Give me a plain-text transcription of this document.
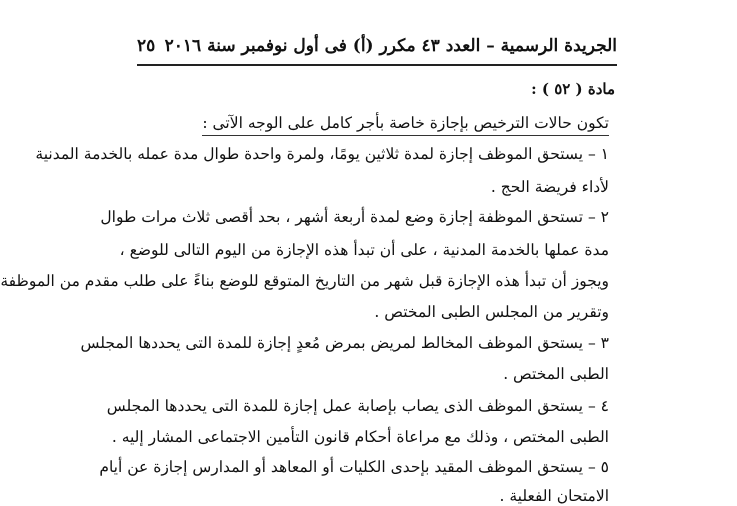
الجريدة الرسمية – العدد ٤٣ مكرر (أ) فى أول نوفمبر سنة ٢٠١٦
٢٥
مادة ( ٥٢ ) :
تكون حالات الترخيص بإجازة خاصة بأجر كامل على الوجه الآتى :
١ – يستحق الموظف إجازة لمدة ثلاثين يومًا، ولمرة واحدة طوال مدة عمله بالخدمة المدنية
لأداء فريضة الحج .
٢ – تستحق الموظفة إجازة وضع لمدة أربعة أشهر ، بحد أقصى ثلاث مرات طوال
مدة عملها بالخدمة المدنية ، على أن تبدأ هذه الإجازة من اليوم التالى للوضع ،
ويجوز أن تبدأ هذه الإجازة قبل شهر من التاريخ المتوقع للوضع بناءً على طلب مقدم من الموظفة
وتقرير من المجلس الطبى المختص .
٣ – يستحق الموظف المخالط لمريض بمرض مُعدٍ إجازة للمدة التى يحددها المجلس
الطبى المختص .
٤ – يستحق الموظف الذى يصاب بإصابة عمل إجازة للمدة التى يحددها المجلس
الطبى المختص ، وذلك مع مراعاة أحكام قانون التأمين الاجتماعى المشار إليه .
٥ – يستحق الموظف المقيد بإحدى الكليات أو المعاهد أو المدارس إجازة عن أيام
الامتحان الفعلية .
